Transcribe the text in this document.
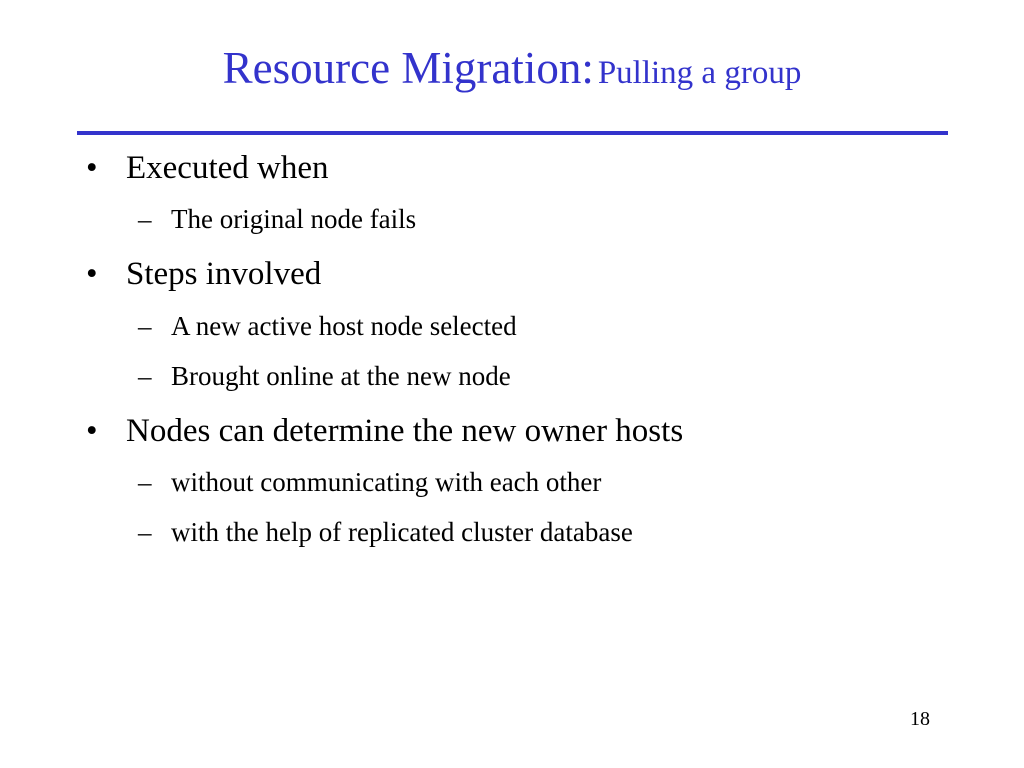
Resource Migration: Pulling a group
• Executed when
– The original node fails
• Steps involved
– A new active host node selected
– Brought online at the new node
• Nodes can determine the new owner hosts
– without communicating with each other
– with the help of replicated cluster database
18
